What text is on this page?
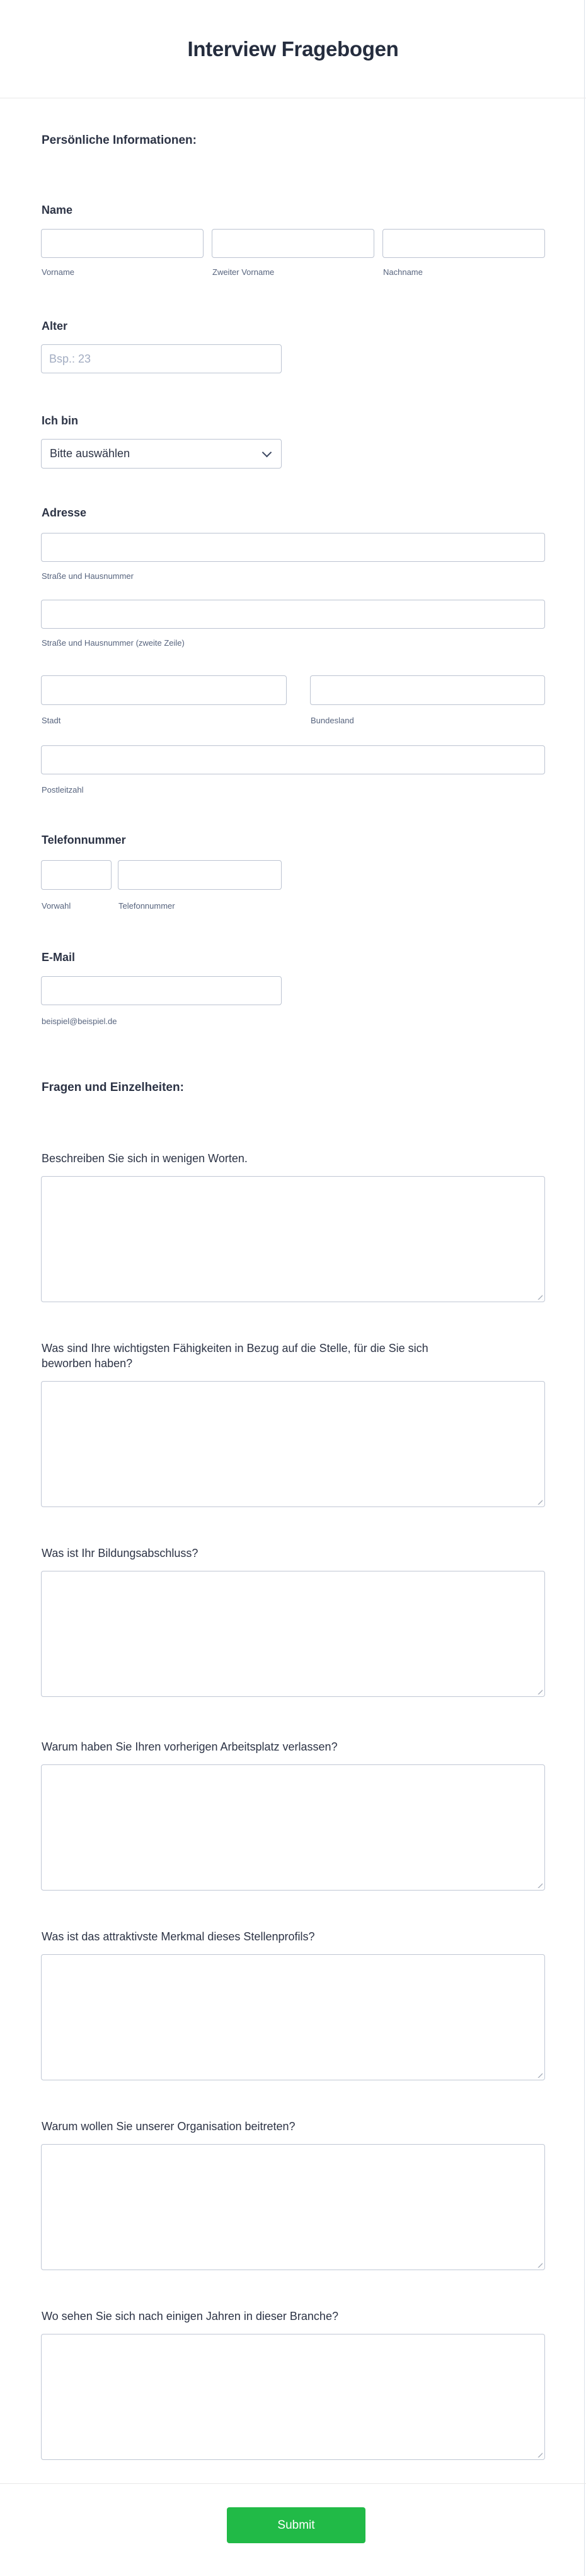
Interview Fragebogen
Persönliche Informationen:
Name
Vorname	Zweiter Vorname	Nachname
Alter
Bsp.: 23
Ich bin
Bitte auswählen
Adresse
Straße und Hausnummer
Straße und Hausnummer (zweite Zeile)
Stadt	Bundesland
Postleitzahl
Telefonnummer
Vorwahl	Telefonnummer
E-Mail
beispiel@beispiel.de
Fragen und Einzelheiten:
Beschreiben Sie sich in wenigen Worten.
Was sind Ihre wichtigsten Fähigkeiten in Bezug auf die Stelle, für die Sie sich beworben haben?
Was ist Ihr Bildungsabschluss?
Warum haben Sie Ihren vorherigen Arbeitsplatz verlassen?
Was ist das attraktivste Merkmal dieses Stellenprofils?
Warum wollen Sie unserer Organisation beitreten?
Wo sehen Sie sich nach einigen Jahren in dieser Branche?
Submit
